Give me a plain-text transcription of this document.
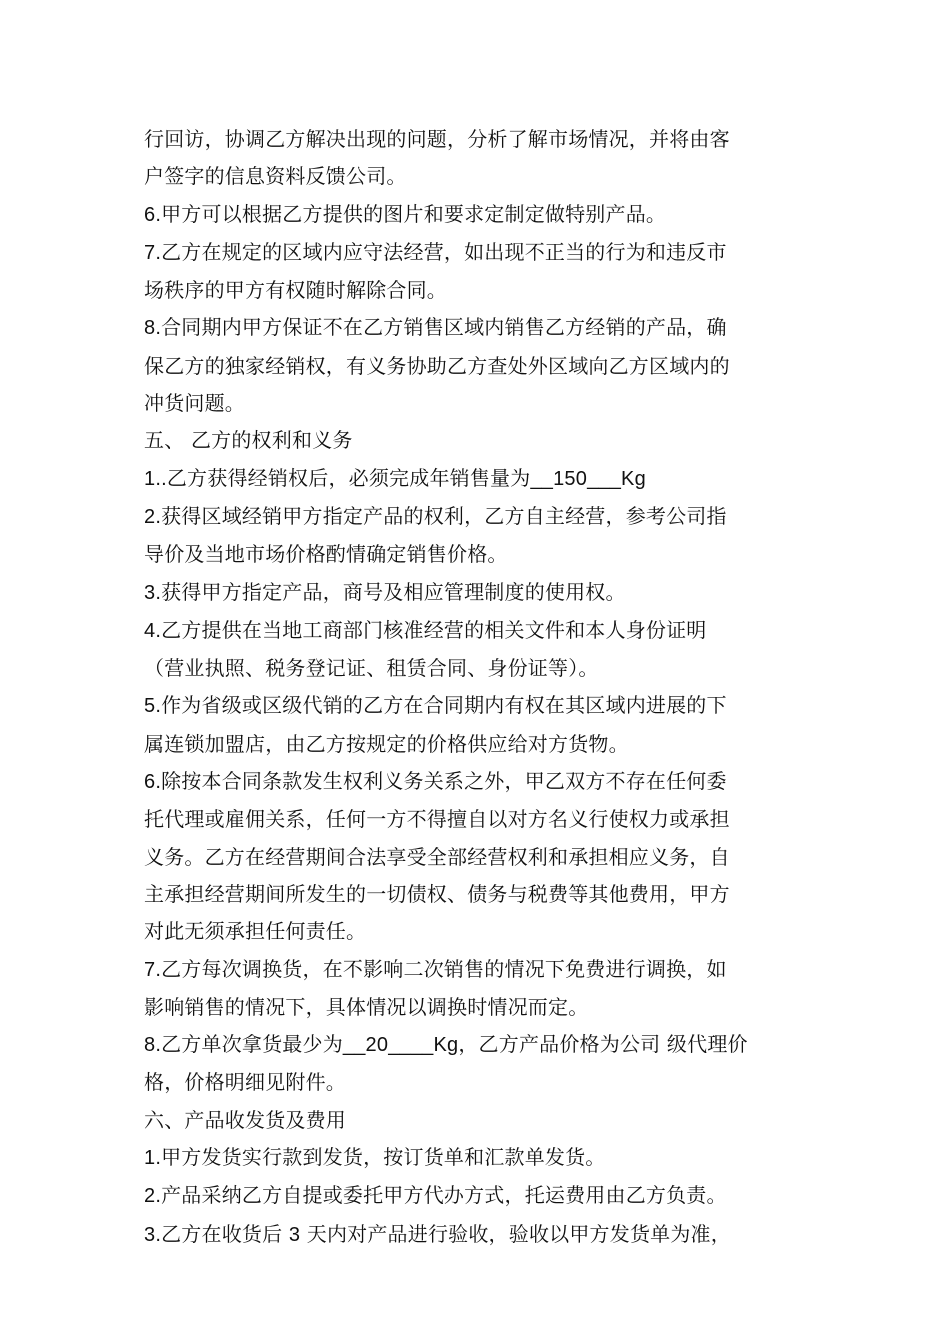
行回访，协调乙方解决出现的问题，分析了解市场情况，并将由客

户签字的信息资料反馈公司。

6.甲方可以根据乙方提供的图片和要求定制定做特别产品。

7.乙方在规定的区域内应守法经营，如出现不正当的行为和违反市

场秩序的甲方有权随时解除合同。

8.合同期内甲方保证不在乙方销售区域内销售乙方经销的产品，确

保乙方的独家经销权，有义务协助乙方查处外区域向乙方区域内的

冲货问题。

五、 乙方的权利和义务

1..乙方获得经销权后，必须完成年销售量为__150___Kg

2.获得区域经销甲方指定产品的权利，乙方自主经营，参考公司指

导价及当地市场价格酌情确定销售价格。

3.获得甲方指定产品，商号及相应管理制度的使用权。

4.乙方提供在当地工商部门核准经营的相关文件和本人身份证明

（营业执照、税务登记证、租赁合同、身份证等）。

5.作为省级或区级代销的乙方在合同期内有权在其区域内进展的下

属连锁加盟店，由乙方按规定的价格供应给对方货物。

6.除按本合同条款发生权利义务关系之外，甲乙双方不存在任何委

托代理或雇佣关系，任何一方不得擅自以对方名义行使权力或承担

义务。乙方在经营期间合法享受全部经营权利和承担相应义务，自

主承担经营期间所发生的一切债权、债务与税费等其他费用，甲方

对此无须承担任何责任。

7.乙方每次调换货，在不影响二次销售的情况下免费进行调换，如

影响销售的情况下，具体情况以调换时情况而定。

8.乙方单次拿货最少为__20____Kg，乙方产品价格为公司 级代理价

格，价格明细见附件。

六、产品收发货及费用

1.甲方发货实行款到发货，按订货单和汇款单发货。

2.产品采纳乙方自提或委托甲方代办方式，托运费用由乙方负责。

3.乙方在收货后 3 天内对产品进行验收，验收以甲方发货单为准，
